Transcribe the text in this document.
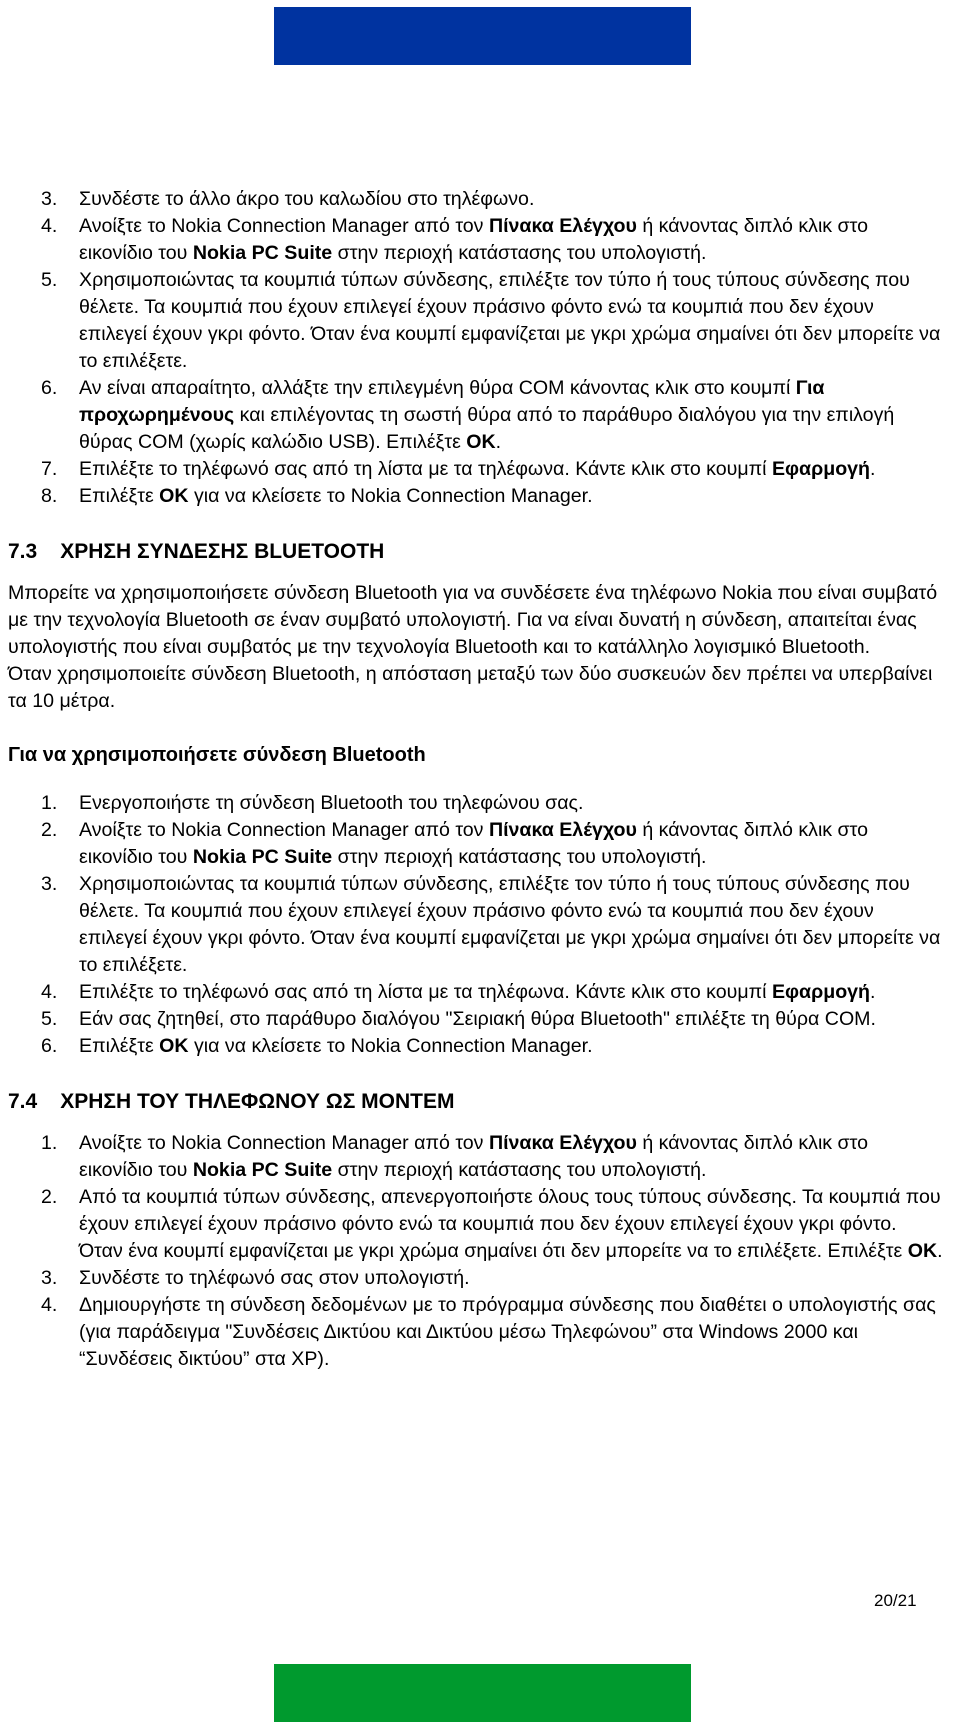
3. Συνδέστε το άλλο άκρο του καλωδίου στο τηλέφωνο.
4. Ανοίξτε το Nokia Connection Manager από τον Πίνακα Ελέγχου ή κάνοντας διπλό κλικ στο εικονίδιο του Nokia PC Suite στην περιοχή κατάστασης του υπολογιστή.
5. Χρησιμοποιώντας τα κουμπιά τύπων σύνδεσης, επιλέξτε τον τύπο ή τους τύπους σύνδεσης που θέλετε. Τα κουμπιά που έχουν επιλεγεί έχουν πράσινο φόντο ενώ τα κουμπιά που δεν έχουν επιλεγεί έχουν γκρι φόντο. Όταν ένα κουμπί εμφανίζεται με γκρι χρώμα σημαίνει ότι δεν μπορείτε να το επιλέξετε.
6. Αν είναι απαραίτητο, αλλάξτε την επιλεγμένη θύρα COM κάνοντας κλικ στο κουμπί Για προχωρημένους και επιλέγοντας τη σωστή θύρα από το παράθυρο διαλόγου για την επιλογή θύρας COM (χωρίς καλώδιο USB). Επιλέξτε OK.
7. Επιλέξτε το τηλέφωνό σας από τη λίστα με τα τηλέφωνα. Κάντε κλικ στο κουμπί Εφαρμογή.
8. Επιλέξτε OK για να κλείσετε το Nokia Connection Manager.
7.3 ΧΡΗΣΗ ΣΥΝΔΕΣΗΣ BLUETOOTH

Μπορείτε να χρησιμοποιήσετε σύνδεση Bluetooth για να συνδέσετε ένα τηλέφωνο Nokia που είναι συμβατό με την τεχνολογία Bluetooth σε έναν συμβατό υπολογιστή. Για να είναι δυνατή η σύνδεση, απαιτείται ένας υπολογιστής που είναι συμβατός με την τεχνολογία Bluetooth και το κατάλληλο λογισμικό Bluetooth.

Όταν χρησιμοποιείτε σύνδεση Bluetooth, η απόσταση μεταξύ των δύο συσκευών δεν πρέπει να υπερβαίνει τα 10 μέτρα.

Για να χρησιμοποιήσετε σύνδεση Bluetooth
1. Ενεργοποιήστε τη σύνδεση Bluetooth του τηλεφώνου σας.
2. Ανοίξτε το Nokia Connection Manager από τον Πίνακα Ελέγχου ή κάνοντας διπλό κλικ στο εικονίδιο του Nokia PC Suite στην περιοχή κατάστασης του υπολογιστή.
3. Χρησιμοποιώντας τα κουμπιά τύπων σύνδεσης, επιλέξτε τον τύπο ή τους τύπους σύνδεσης που θέλετε. Τα κουμπιά που έχουν επιλεγεί έχουν πράσινο φόντο ενώ τα κουμπιά που δεν έχουν επιλεγεί έχουν γκρι φόντο. Όταν ένα κουμπί εμφανίζεται με γκρι χρώμα σημαίνει ότι δεν μπορείτε να το επιλέξετε.
4. Επιλέξτε το τηλέφωνό σας από τη λίστα με τα τηλέφωνα. Κάντε κλικ στο κουμπί Εφαρμογή.
5. Εάν σας ζητηθεί, στο παράθυρο διαλόγου "Σειριακή θύρα Bluetooth" επιλέξτε τη θύρα COM.
6. Επιλέξτε OK για να κλείσετε το Nokia Connection Manager.
7.4 ΧΡΗΣΗ ΤΟΥ ΤΗΛΕΦΩΝΟΥ ΩΣ ΜΟΝΤΕΜ
1. Ανοίξτε το Nokia Connection Manager από τον Πίνακα Ελέγχου ή κάνοντας διπλό κλικ στο εικονίδιο του Nokia PC Suite στην περιοχή κατάστασης του υπολογιστή.
2. Από τα κουμπιά τύπων σύνδεσης, απενεργοποιήστε όλους τους τύπους σύνδεσης. Τα κουμπιά που έχουν επιλεγεί έχουν πράσινο φόντο ενώ τα κουμπιά που δεν έχουν επιλεγεί έχουν γκρι φόντο. Όταν ένα κουμπί εμφανίζεται με γκρι χρώμα σημαίνει ότι δεν μπορείτε να το επιλέξετε. Επιλέξτε OK.
3. Συνδέστε το τηλέφωνό σας στον υπολογιστή.
4. Δημιουργήστε τη σύνδεση δεδομένων με το πρόγραμμα σύνδεσης που διαθέτει ο υπολογιστής σας (για παράδειγμα "Συνδέσεις Δικτύου και Δικτύου μέσω Τηλεφώνου” στα Windows 2000 και “Συνδέσεις δικτύου” στα XP).
20/21
